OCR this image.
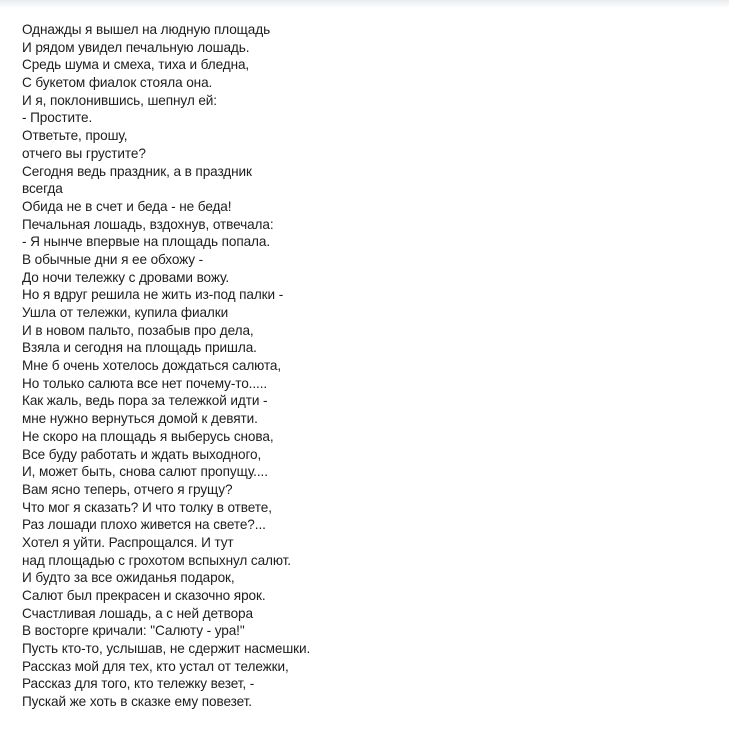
Однажды я вышел на людную площадь
И рядом увидел печальную лошадь.
Средь шума и смеха, тиха и бледна,
С букетом фиалок стояла она.
И я, поклонившись, шепнул ей:
- Простите.
Ответьте, прошу,
отчего вы грустите?
Сегодня ведь праздник, а в праздник
всегда
Обида не в счет и беда - не беда!
Печальная лошадь, вздохнув, отвечала:
- Я нынче впервые на площадь попала.
В обычные дни я ее обхожу -
До ночи тележку с дровами вожу.
Но я вдруг решила не жить из-под палки -
Ушла от тележки, купила фиалки
И в новом пальто, позабыв про дела,
Взяла и сегодня на площадь пришла.
Мне б очень хотелось дождаться салюта,
Но только салюта все нет почему-то.....
Как жаль, ведь пора за тележкой идти -
мне нужно вернуться домой к девяти.
Не скоро на площадь я выберусь снова,
Все буду работать и ждать выходного,
И, может быть, снова салют пропущу....
Вам ясно теперь, отчего я грущу?
Что мог я сказать? И что толку в ответе,
Раз лошади плохо живется на свете?...
Хотел я уйти. Распрощался. И тут
над площадью с грохотом вспыхнул салют.
И будто за все ожиданья подарок,
Салют был прекрасен и сказочно ярок.
Счастливая лошадь, а с ней детвора
В восторге кричали: "Салюту - ура!"
Пусть кто-то, услышав, не сдержит насмешки.
Рассказ мой для тех, кто устал от тележки,
Рассказ для того, кто тележку везет, -
Пускай же хоть в сказке ему повезет.
